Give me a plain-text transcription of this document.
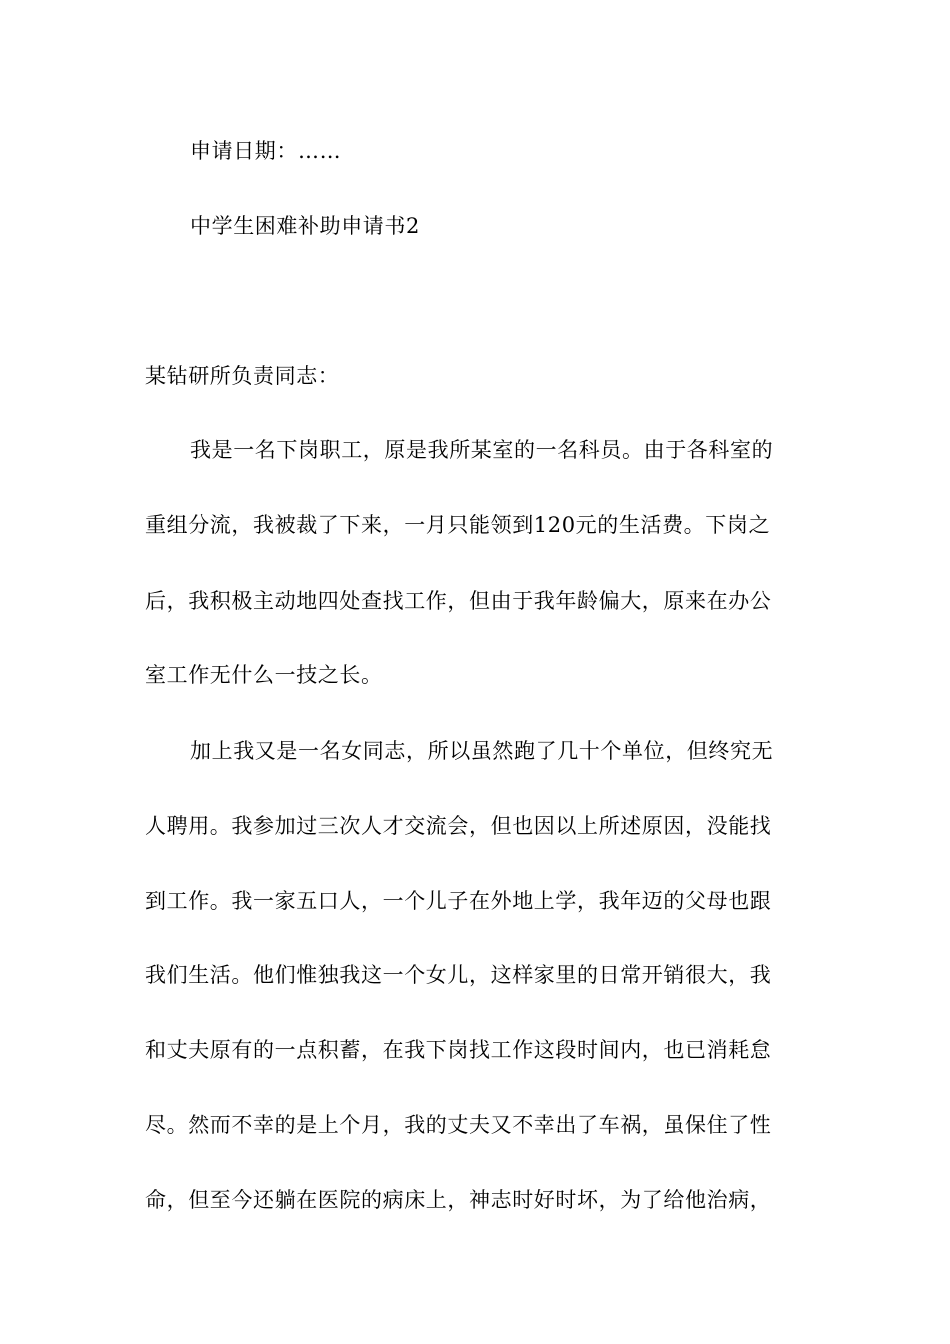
申请日期：……
中学生困难补助申请书2
某钻研所负责同志：
我是一名下岗职工，原是我所某室的一名科员。由于各科室的
重组分流，我被裁了下来，一月只能领到120元的生活费。下岗之
后，我积极主动地四处查找工作，但由于我年龄偏大，原来在办公
室工作无什么一技之长。
加上我又是一名女同志，所以虽然跑了几十个单位，但终究无
人聘用。我参加过三次人才交流会，但也因以上所述原因，没能找
到工作。我一家五口人，一个儿子在外地上学，我年迈的父母也跟
我们生活。他们惟独我这一个女儿，这样家里的日常开销很大，我
和丈夫原有的一点积蓄，在我下岗找工作这段时间内，也已消耗怠
尽。然而不幸的是上个月，我的丈夫又不幸出了车祸，虽保住了性
命，但至今还躺在医院的病床上，神志时好时坏，为了给他治病，
